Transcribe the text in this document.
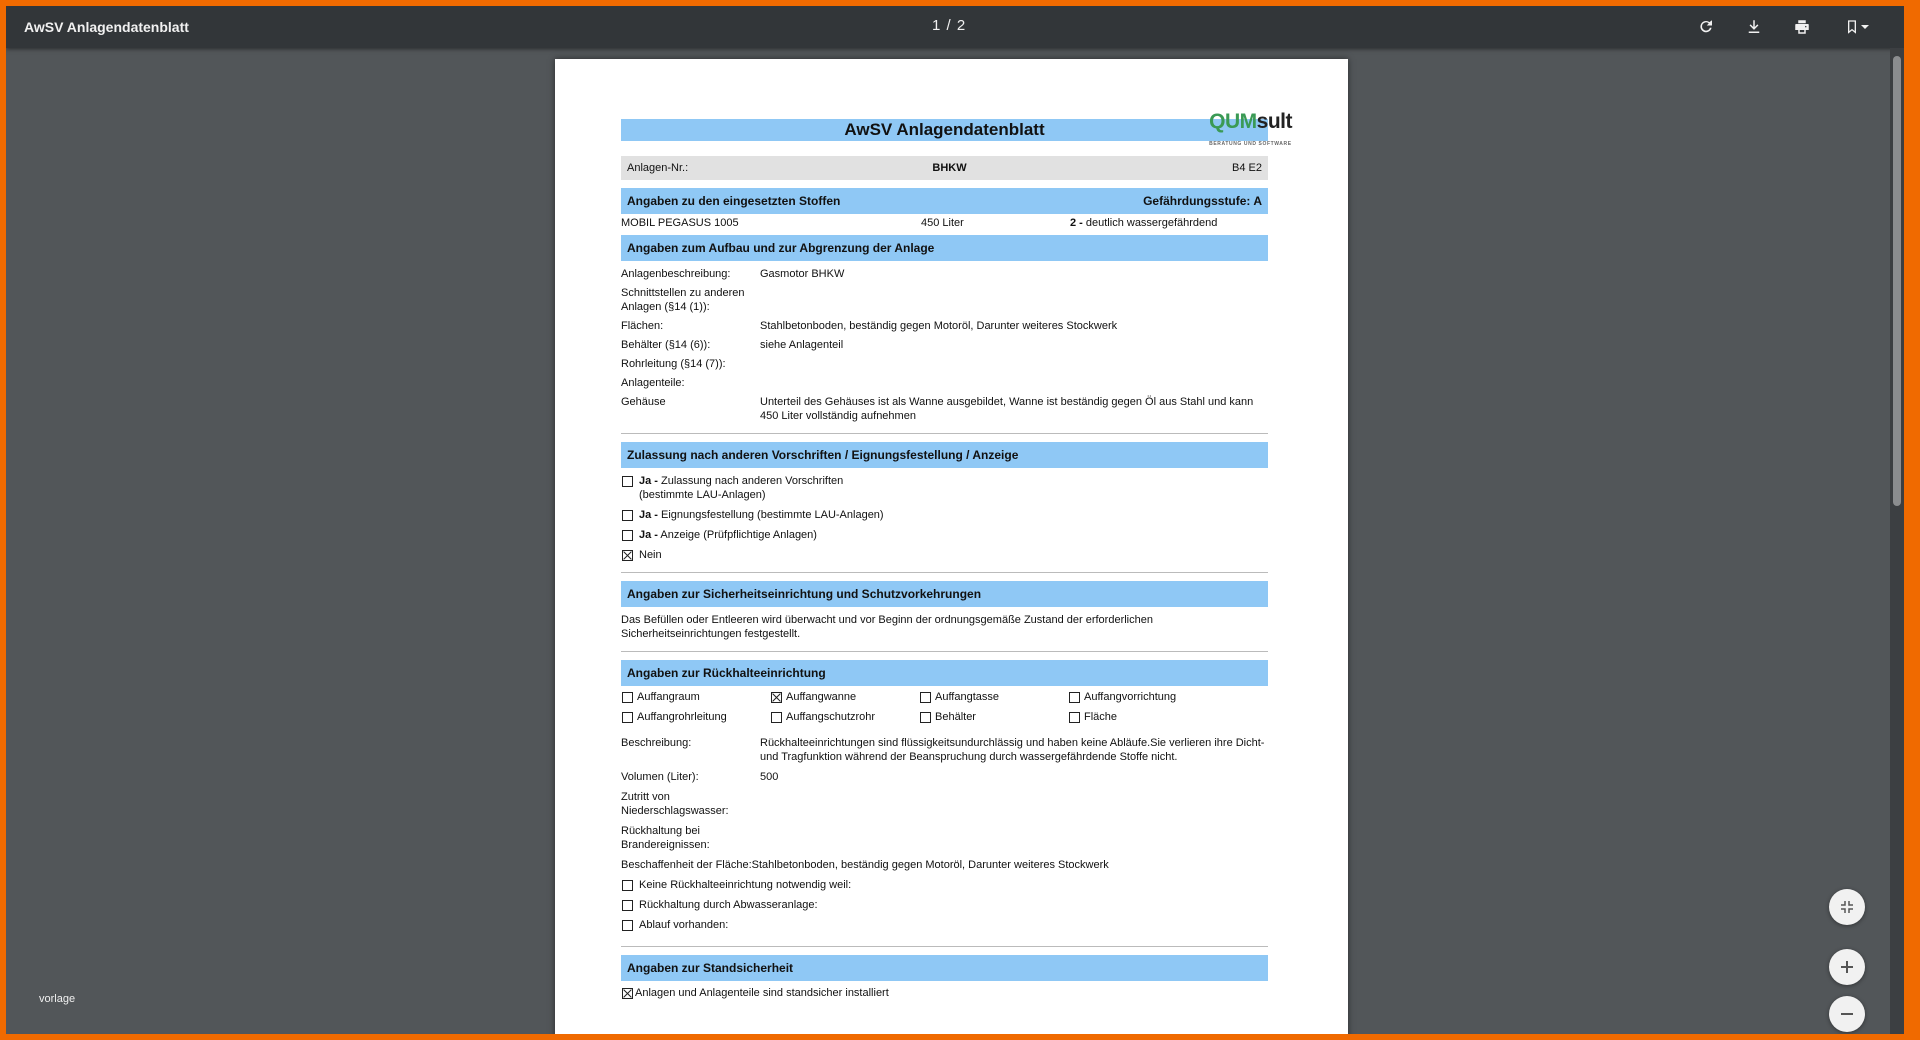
AwSV Anlagendatenblatt	1 / 2
vorlage
AwSV Anlagendatenblatt	QUMsult
BERATUNG UND SOFTWARE
Anlagen-Nr.:	BHKW	B4 E2
Angaben zu den eingesetzten Stoffen	Gefährdungsstufe: A
MOBIL PEGASUS 1005	450 Liter	2 - deutlich wassergefährdend
Angaben zum Aufbau und zur Abgrenzung der Anlage
Anlagenbeschreibung:	Gasmotor BHKW
Schnittstellen zu anderen Anlagen (§14 (1)):
Flächen:	Stahlbetonboden, beständig gegen Motoröl, Darunter weiteres Stockwerk
Behälter (§14 (6)):	siehe Anlagenteil
Rohrleitung (§14 (7)):
Anlagenteile:
Gehäuse	Unterteil des Gehäuses ist als Wanne ausgebildet, Wanne ist beständig gegen Öl aus Stahl und kann 450 Liter vollständig aufnehmen
Zulassung nach anderen Vorschriften / Eignungsfestellung / Anzeige
Ja - Zulassung nach anderen Vorschriften (bestimmte LAU-Anlagen)
Ja - Eignungsfestellung (bestimmte LAU-Anlagen)
Ja - Anzeige (Prüfpflichtige Anlagen)
Nein
Angaben zur Sicherheitseinrichtung und Schutzvorkehrungen
Das Befüllen oder Entleeren wird überwacht und vor Beginn der ordnungsgemäße Zustand der erforderlichen Sicherheitseinrichtungen festgestellt.
Angaben zur Rückhalteeinrichtung
Auffangraum	Auffangwanne	Auffangtasse	Auffangvorrichtung
Auffangrohrleitung	Auffangschutzrohr	Behälter	Fläche
Beschreibung:	Rückhalteeinrichtungen sind flüssigkeitsundurchlässig und haben keine Abläufe.Sie verlieren ihre Dicht-und Tragfunktion während der Beanspruchung durch wassergefährdende Stoffe nicht.
Volumen (Liter):	500
Zutritt von Niederschlagswasser:
Rückhaltung bei Brandereignissen:
Beschaffenheit der Fläche:Stahlbetonboden, beständig gegen Motoröl, Darunter weiteres Stockwerk
Keine Rückhalteeinrichtung notwendig weil:
Rückhaltung durch Abwasseranlage:
Ablauf vorhanden:
Angaben zur Standsicherheit
Anlagen und Anlagenteile sind standsicher installiert
